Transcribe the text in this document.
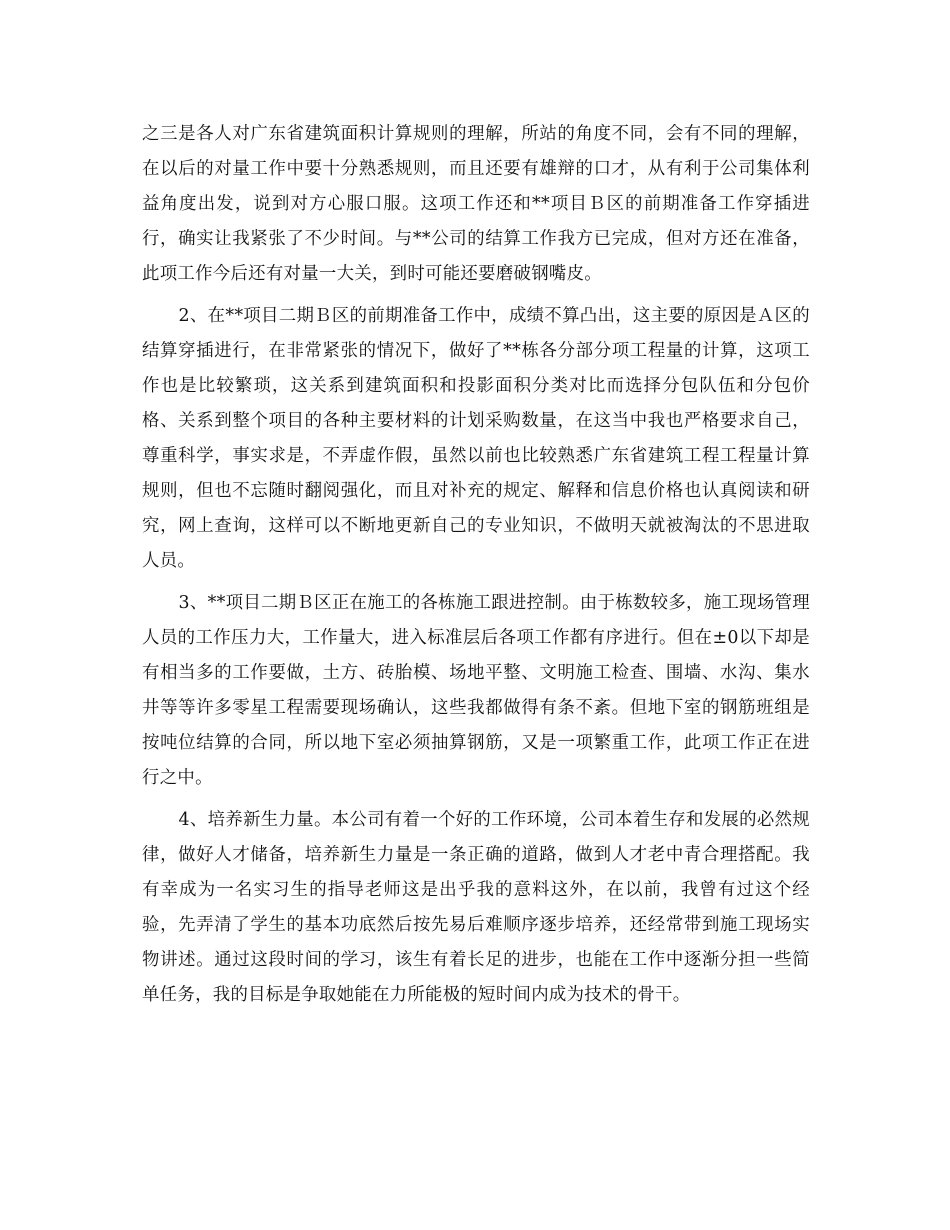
之三是各人对广东省建筑面积计算规则的理解，所站的角度不同，会有不同的理解，在以后的对量工作中要十分熟悉规则，而且还要有雄辩的口才，从有利于公司集体利益角度出发，说到对方心服口服。这项工作还和**项目Ｂ区的前期准备工作穿插进行，确实让我紧张了不少时间。与**公司的结算工作我方已完成，但对方还在准备，此项工作今后还有对量一大关，到时可能还要磨破钢嘴皮。

2、在**项目二期Ｂ区的前期准备工作中，成绩不算凸出，这主要的原因是Ａ区的结算穿插进行，在非常紧张的情况下，做好了**栋各分部分项工程量的计算，这项工作也是比较繁琐，这关系到建筑面积和投影面积分类对比而选择分包队伍和分包价格、关系到整个项目的各种主要材料的计划采购数量，在这当中我也严格要求自己，尊重科学，事实求是，不弄虚作假，虽然以前也比较熟悉广东省建筑工程工程量计算规则，但也不忘随时翻阅强化，而且对补充的规定、解释和信息价格也认真阅读和研究，网上查询，这样可以不断地更新自己的专业知识，不做明天就被淘汰的不思进取人员。

3、**项目二期Ｂ区正在施工的各栋施工跟进控制。由于栋数较多，施工现场管理人员的工作压力大，工作量大，进入标准层后各项工作都有序进行。但在±0以下却是有相当多的工作要做，土方、砖胎模、场地平整、文明施工检查、围墙、水沟、集水井等等许多零星工程需要现场确认，这些我都做得有条不紊。但地下室的钢筋班组是按吨位结算的合同，所以地下室必须抽算钢筋，又是一项繁重工作，此项工作正在进行之中。

4、培养新生力量。本公司有着一个好的工作环境，公司本着生存和发展的必然规律，做好人才储备，培养新生力量是一条正确的道路，做到人才老中青合理搭配。我有幸成为一名实习生的指导老师这是出乎我的意料这外，在以前，我曾有过这个经验，先弄清了学生的基本功底然后按先易后难顺序逐步培养，还经常带到施工现场实物讲述。通过这段时间的学习，该生有着长足的进步，也能在工作中逐渐分担一些简单任务，我的目标是争取她能在力所能极的短时间内成为技术的骨干。
